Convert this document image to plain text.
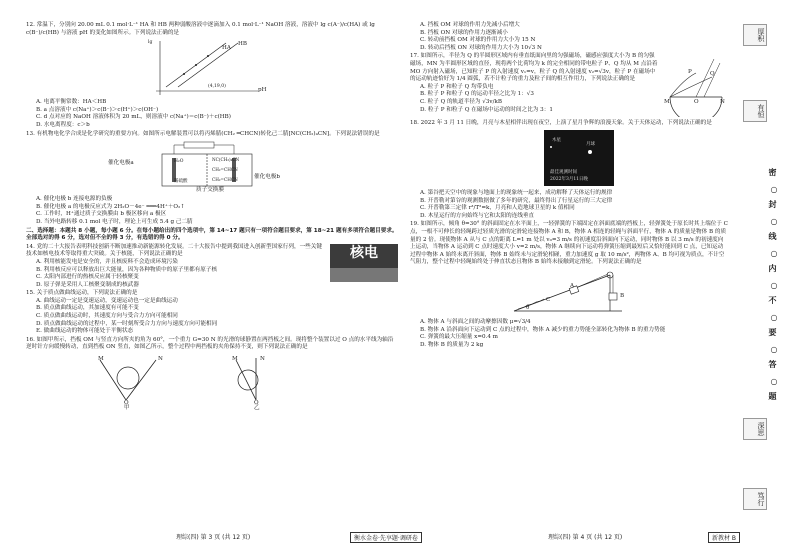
12. 常温下，分别向 20.00 mL 0.1 mol·L⁻¹ HA 和 HB 两种弱酸溶液中逐滴加入 0.1 mol·L⁻¹ NaOH 溶液，溶液中 lg c(A⁻)/c(HA) 或 lg c(B⁻)/c(HB) 与溶液 pH 的变化如图所示。下列说法正确的是

HA
HB
(4,19,0)
pH
lg

A. 电离平衡常数：HA＜HB

B. a 点溶液中 c(Na⁺)＞c(B⁻)＞c(H⁺)＞c(OH⁻)

C. d 点对应的 NaOH 溶液体积为 20 mL，则溶液中 c(Na⁺)＝c(B⁻)＋c(HB)

D. 水电离程度：c＞b

13. 有机物电化学合成是化学研究的重要方向。如图所示电解装置可以将丙烯腈(CH₂ ═CHCN)转化己二腈[NC(CH₂)₄CN]。下列说法错误的是

催化电极a
催化电极b
稀硫酸
CH₂=CHCN
NC(CH₂)₄CN
CH₂=CHCN
质子交换膜
H₂O

A. 催化电极 b 连接电源的负极

B. 催化电极 a 的电极反应式为 2H₂O－4e⁻ ═══4H⁺＋O₂↑

C. 工作时，H⁺通过质子交换膜由 b 极区移向 a 极区

D. 当外电路转移 0.1 mol 电子时，理论上可生成 5.4 g 己二腈

二、选择题：本题共 8 小题，每小题 6 分。在每小题给出的四个选项中，第 14~17 题只有一项符合题目要求，第 18~21 题有多项符合题目要求。全部选对的得 6 分，选对但不全的得 3 分，有选错的得 0 分。

核电

14. 党的二十大报告表明科技创新不断加速推动新能源转化发展。二十大报告中提到我国进入创新型国家行列，一些关键技术如核电技术等取得重大突破。关于核能，下列说法正确的是

A. 利用核能发电是安全的，并且核废料不会造成环境污染

B. 利用核反应可以释放出巨大能量，因为各种物质中的原子里都有原子核

C. 太阳内部进行的热核反应属于轻核聚变

D. 原子弹是采用人工核聚变制成的核武器

15. 关于质点做曲线运动，下列说法正确的是

A. 曲线运动一定是变速运动，变速运动也一定是曲线运动

B. 质点做曲线运动，其加速度有可能不变

C. 质点做曲线运动时，其速度方向与受合力方向可能相同

D. 质点做曲线运动的过程中，某一时刻所受合力方向与速度方向可能相同

E. 做曲线运动的物体可能处于平衡状态

16. 如图甲所示，挡板 OM 与竖直方向所夹的角为 60°，一个重力 G=30 N 的光滑的球静置在两挡板之间。现将整个装置以过 O 点的水平线为轴沿逆时针方向缓慢转动，直到挡板 ON 竖直，如图乙所示，整个过程中两挡板的夹角保持不变，则下列说法正确的是

M	N
O
甲
M	N
O
乙

A. 挡板 OM 对球的作用力先减小后增大

B. 挡板 ON 对球的作用力逐渐减小

C. 转动前挡板 OM 对球的作用力大小为 15 N

D. 转动后挡板 ON 对球的作用力大小为 10√3 N

M	N
O
P	Q

17. 如图所示，半径为 Q 的半圆形区域内有垂直纸面向里的匀强磁场，磁感应强度大小为 B 的匀强磁场，MN 为半圆形区域的直径，现将两个比荷均为 k 的完全相同的带电粒子 P、Q 均从 M 点沿着 MO 方向射入磁场，已知粒子 P 的入射速度 v₁=v，粒子 Q 的入射速度 v₂=√3v，粒子 P 在磁场中的运动轨迹恰好为 1/4 圆弧，若不计粒子的重力及粒子间的相互作用力，下列说法正确的是

A. 粒子 P 和粒子 Q 均带负电

B. 粒子 P 和粒子 Q 的运动半径之比为 1：√3

C. 粒子 Q 的轨道半径为 √3v/kB

D. 粒子 P 和粒子 Q 在磁场中运动的时间之比为 3：1

18. 2022 年 3 月 11 日晚，月亮与木星相伴出现在夜空，上演了星月争辉的浪漫天象。关于天体运动，下列说法正确的是

木星
月球
最佳观测时间
2022年3月11日晚

A. 第谷把天空中的现象与地面上的现象统一起来，成功解释了天体运行的规律

B. 开普勒对第谷的观测数据做了多年的研究，最终得出了行星运行的三大定律

C. 开普勒第三定律 r³/T²=k，月亮和人造地球卫星的 k 值相同

D. 木星运行的方向始终与它和太阳的连线垂直

19. 如图所示，倾角 θ=30° 的斜面固定在水平面上，一轻弹簧的下端固定在斜面底端的挡板上，轻弹簧处于原长时其上端位于 C 点，一根不可伸长的轻绳跨过轻质光滑的定滑轮连接物体 A 和 B，物体 A 相连的轻绳与斜面平行，物体 A 的质量是物体 B 的质量的 2 倍。现使物体 A 从与 C 点的距离 L=1 m 处以 v₀=3 m/s 的初速度沿斜面向下运动，同时物体 B 以 3 m/s 的初速度向上运动，当物体 A 运动到 C 点时速度大小 v=2 m/s，物体 A 继续向下运动将弹簧压缩到最短后又恰好能回到 C 点，已知运动过程中物体 A 始终未离开斜面，物体 B 始终未与定滑轮相碰，重力加速度 g 取 10 m/s²，两物体 A、B 均可视为质点，不计空气阻力，整个过程中轻绳始终处于伸直状态且物体 B 始终未接触到定滑轮。下列说法正确的是

A
B
C
θ

A. 物体 A 与斜面之间的动摩擦因数 μ=√3/4

B. 物体 A 沿斜面向下运动到 C 点的过程中，物体 A 减少的重力势能全部转化为物体 B 的重力势能

C. 弹簧的最大压缩量 x=0.4 m

D. 物体 B 的质量为 2 kg

理综(四) 第 3 页 (共 12 页)	衡水金卷·先享题·调研卷	理综(四) 第 4 页 (共 12 页)	新教材 B
厚积
有恒
深思
笃行
密
○
封
○
线
○
内
○
不
○
要
○
答
○
题
